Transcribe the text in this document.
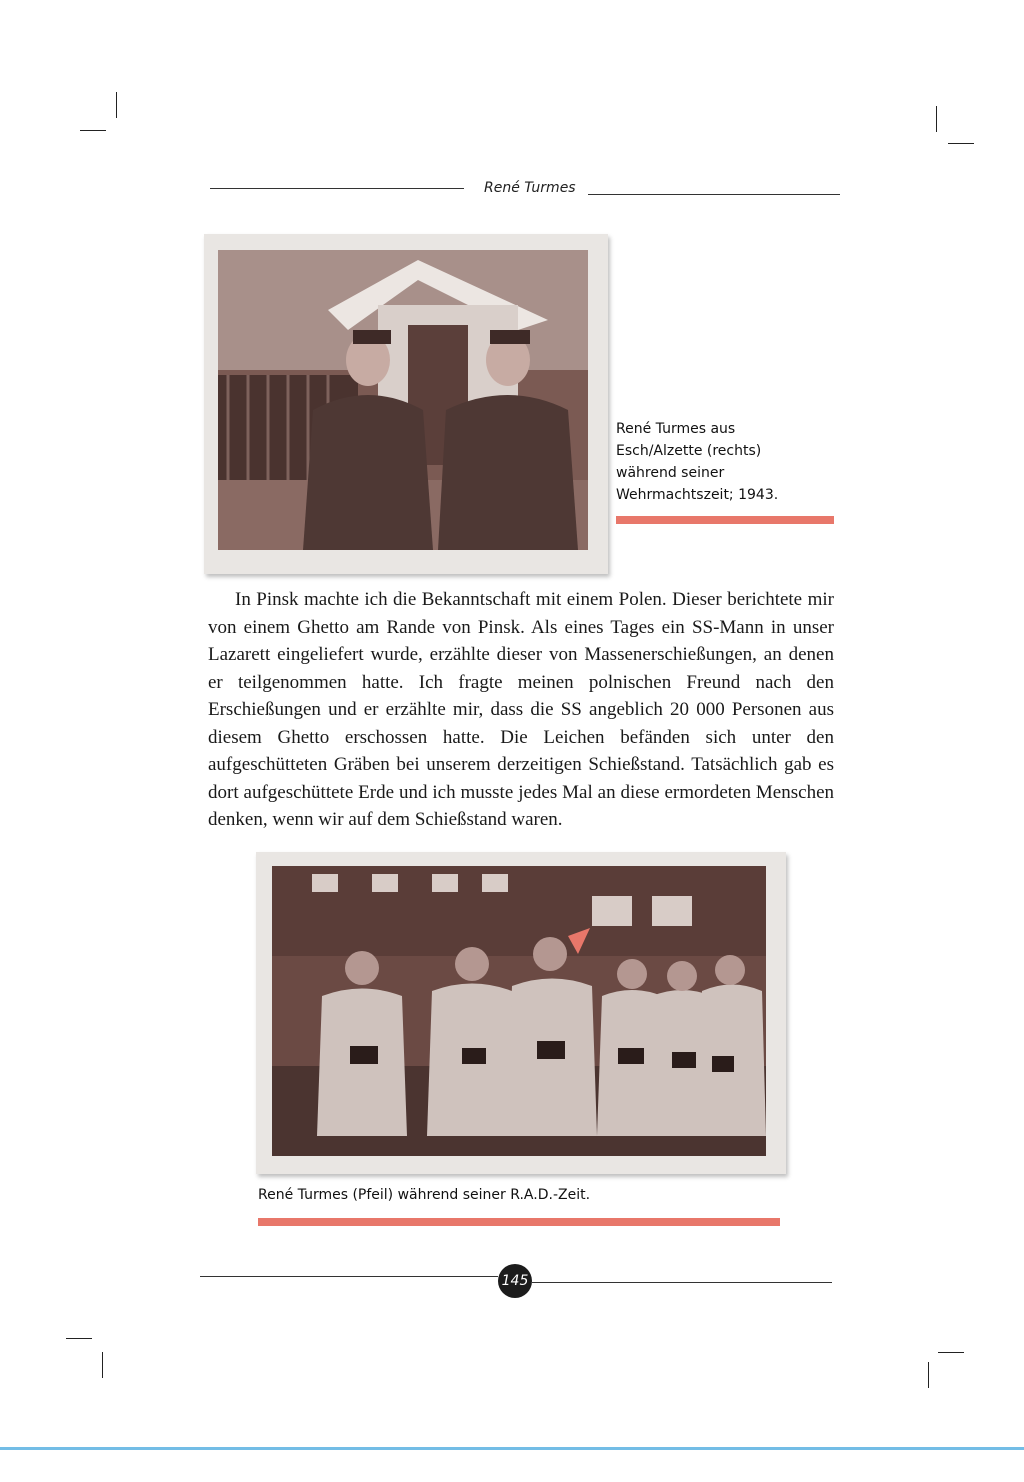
René Turmes
René Turmes aus
Esch/Alzette (rechts)
während seiner
Wehrmachtszeit; 1943.

In Pinsk machte ich die Bekanntschaft mit einem Polen. Dieser berichtete mir von einem Ghetto am Rande von Pinsk. Als eines Tages ein SS-Mann in unser Lazarett eingeliefert wurde, erzählte dieser von Massenerschießungen, an denen er teilgenommen hatte. Ich fragte meinen polnischen Freund nach den Erschießungen und er erzählte mir, dass die SS angeblich 20 000 Personen aus diesem Ghetto erschossen hatte. Die Leichen befänden sich unter den aufgeschütteten Gräben bei unserem derzeitigen Schießstand. Tatsächlich gab es dort aufgeschüttete Erde und ich musste jedes Mal an diese ermordeten Menschen denken, wenn wir auf dem Schießstand waren.

René Turmes (Pfeil) während seiner R.A.D.-Zeit.
145
